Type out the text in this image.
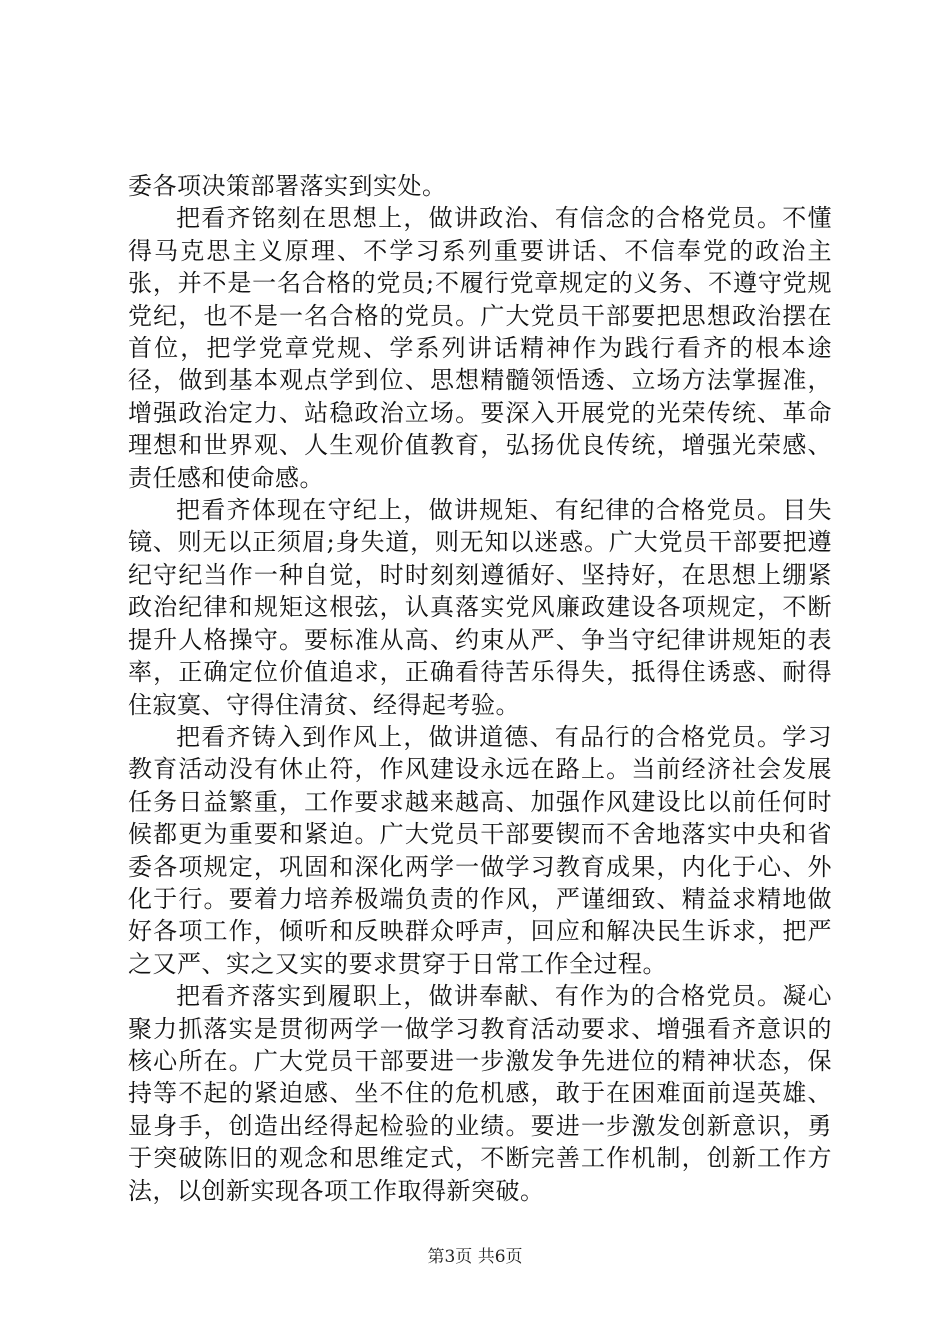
委各项决策部署落实到实处。

把看齐铭刻在思想上，做讲政治、有信念的合格党员。不懂得马克思主义原理、不学习系列重要讲话、不信奉党的政治主张，并不是一名合格的党员;不履行党章规定的义务、不遵守党规党纪，也不是一名合格的党员。广大党员干部要把思想政治摆在首位，把学党章党规、学系列讲话精神作为践行看齐的根本途径，做到基本观点学到位、思想精髓领悟透、立场方法掌握准，增强政治定力、站稳政治立场。要深入开展党的光荣传统、革命理想和世界观、人生观价值教育，弘扬优良传统，增强光荣感、责任感和使命感。

把看齐体现在守纪上，做讲规矩、有纪律的合格党员。目失镜、则无以正须眉;身失道，则无知以迷惑。广大党员干部要把遵纪守纪当作一种自觉，时时刻刻遵循好、坚持好，在思想上绷紧政治纪律和规矩这根弦，认真落实党风廉政建设各项规定，不断提升人格操守。要标准从高、约束从严、争当守纪律讲规矩的表率，正确定位价值追求，正确看待苦乐得失，抵得住诱惑、耐得住寂寞、守得住清贫、经得起考验。

把看齐铸入到作风上，做讲道德、有品行的合格党员。学习教育活动没有休止符，作风建设永远在路上。当前经济社会发展任务日益繁重，工作要求越来越高、加强作风建设比以前任何时候都更为重要和紧迫。广大党员干部要锲而不舍地落实中央和省委各项规定，巩固和深化两学一做学习教育成果，内化于心、外化于行。要着力培养极端负责的作风，严谨细致、精益求精地做好各项工作，倾听和反映群众呼声，回应和解决民生诉求，把严之又严、实之又实的要求贯穿于日常工作全过程。

把看齐落实到履职上，做讲奉献、有作为的合格党员。凝心聚力抓落实是贯彻两学一做学习教育活动要求、增强看齐意识的核心所在。广大党员干部要进一步激发争先进位的精神状态，保持等不起的紧迫感、坐不住的危机感，敢于在困难面前逞英雄、显身手，创造出经得起检验的业绩。要进一步激发创新意识，勇于突破陈旧的观念和思维定式，不断完善工作机制，创新工作方法，以创新实现各项工作取得新突破。

第3页 共6页
